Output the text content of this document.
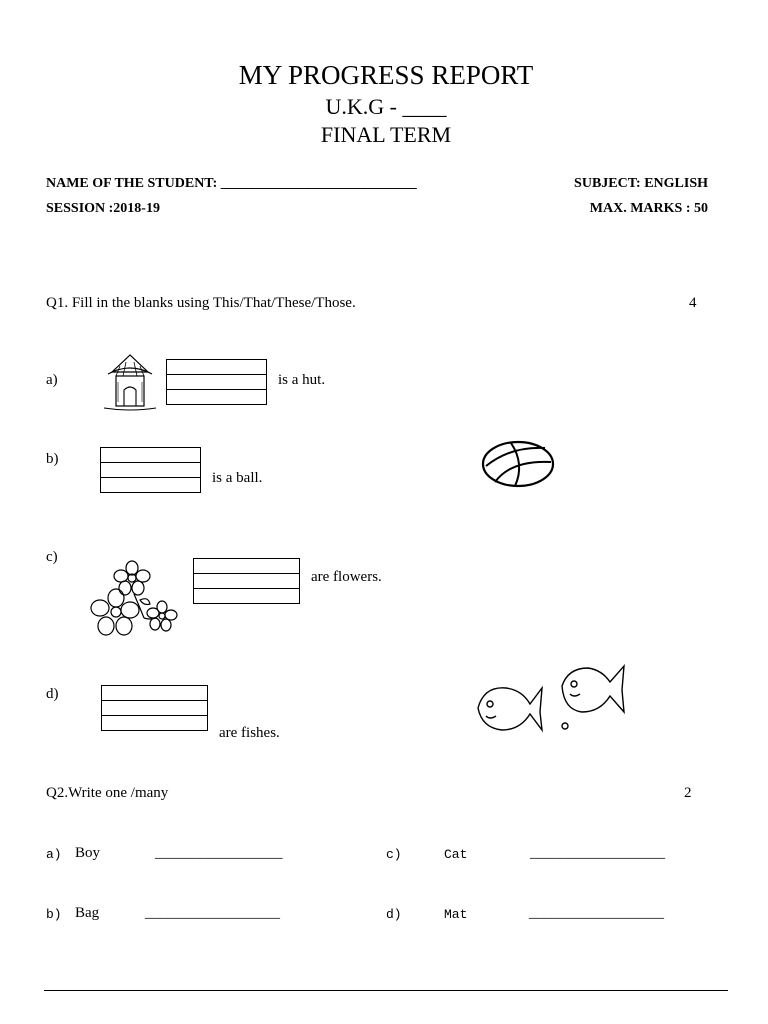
MY PROGRESS REPORT
U.K.G - ____
FINAL TERM
NAME OF THE STUDENT: ____________________________	SUBJECT: ENGLISH
SESSION :2018-19	MAX. MARKS : 50
Q1. Fill in the blanks using This/That/These/Those.	4
a)	is a hut.
b)
is a ball.
c)
are flowers.
d)
are fishes.
Q2.Write one /many	2
a) Boy	_________________	c)	Cat	__________________
b) Bag	__________________	d)	Mat	__________________
